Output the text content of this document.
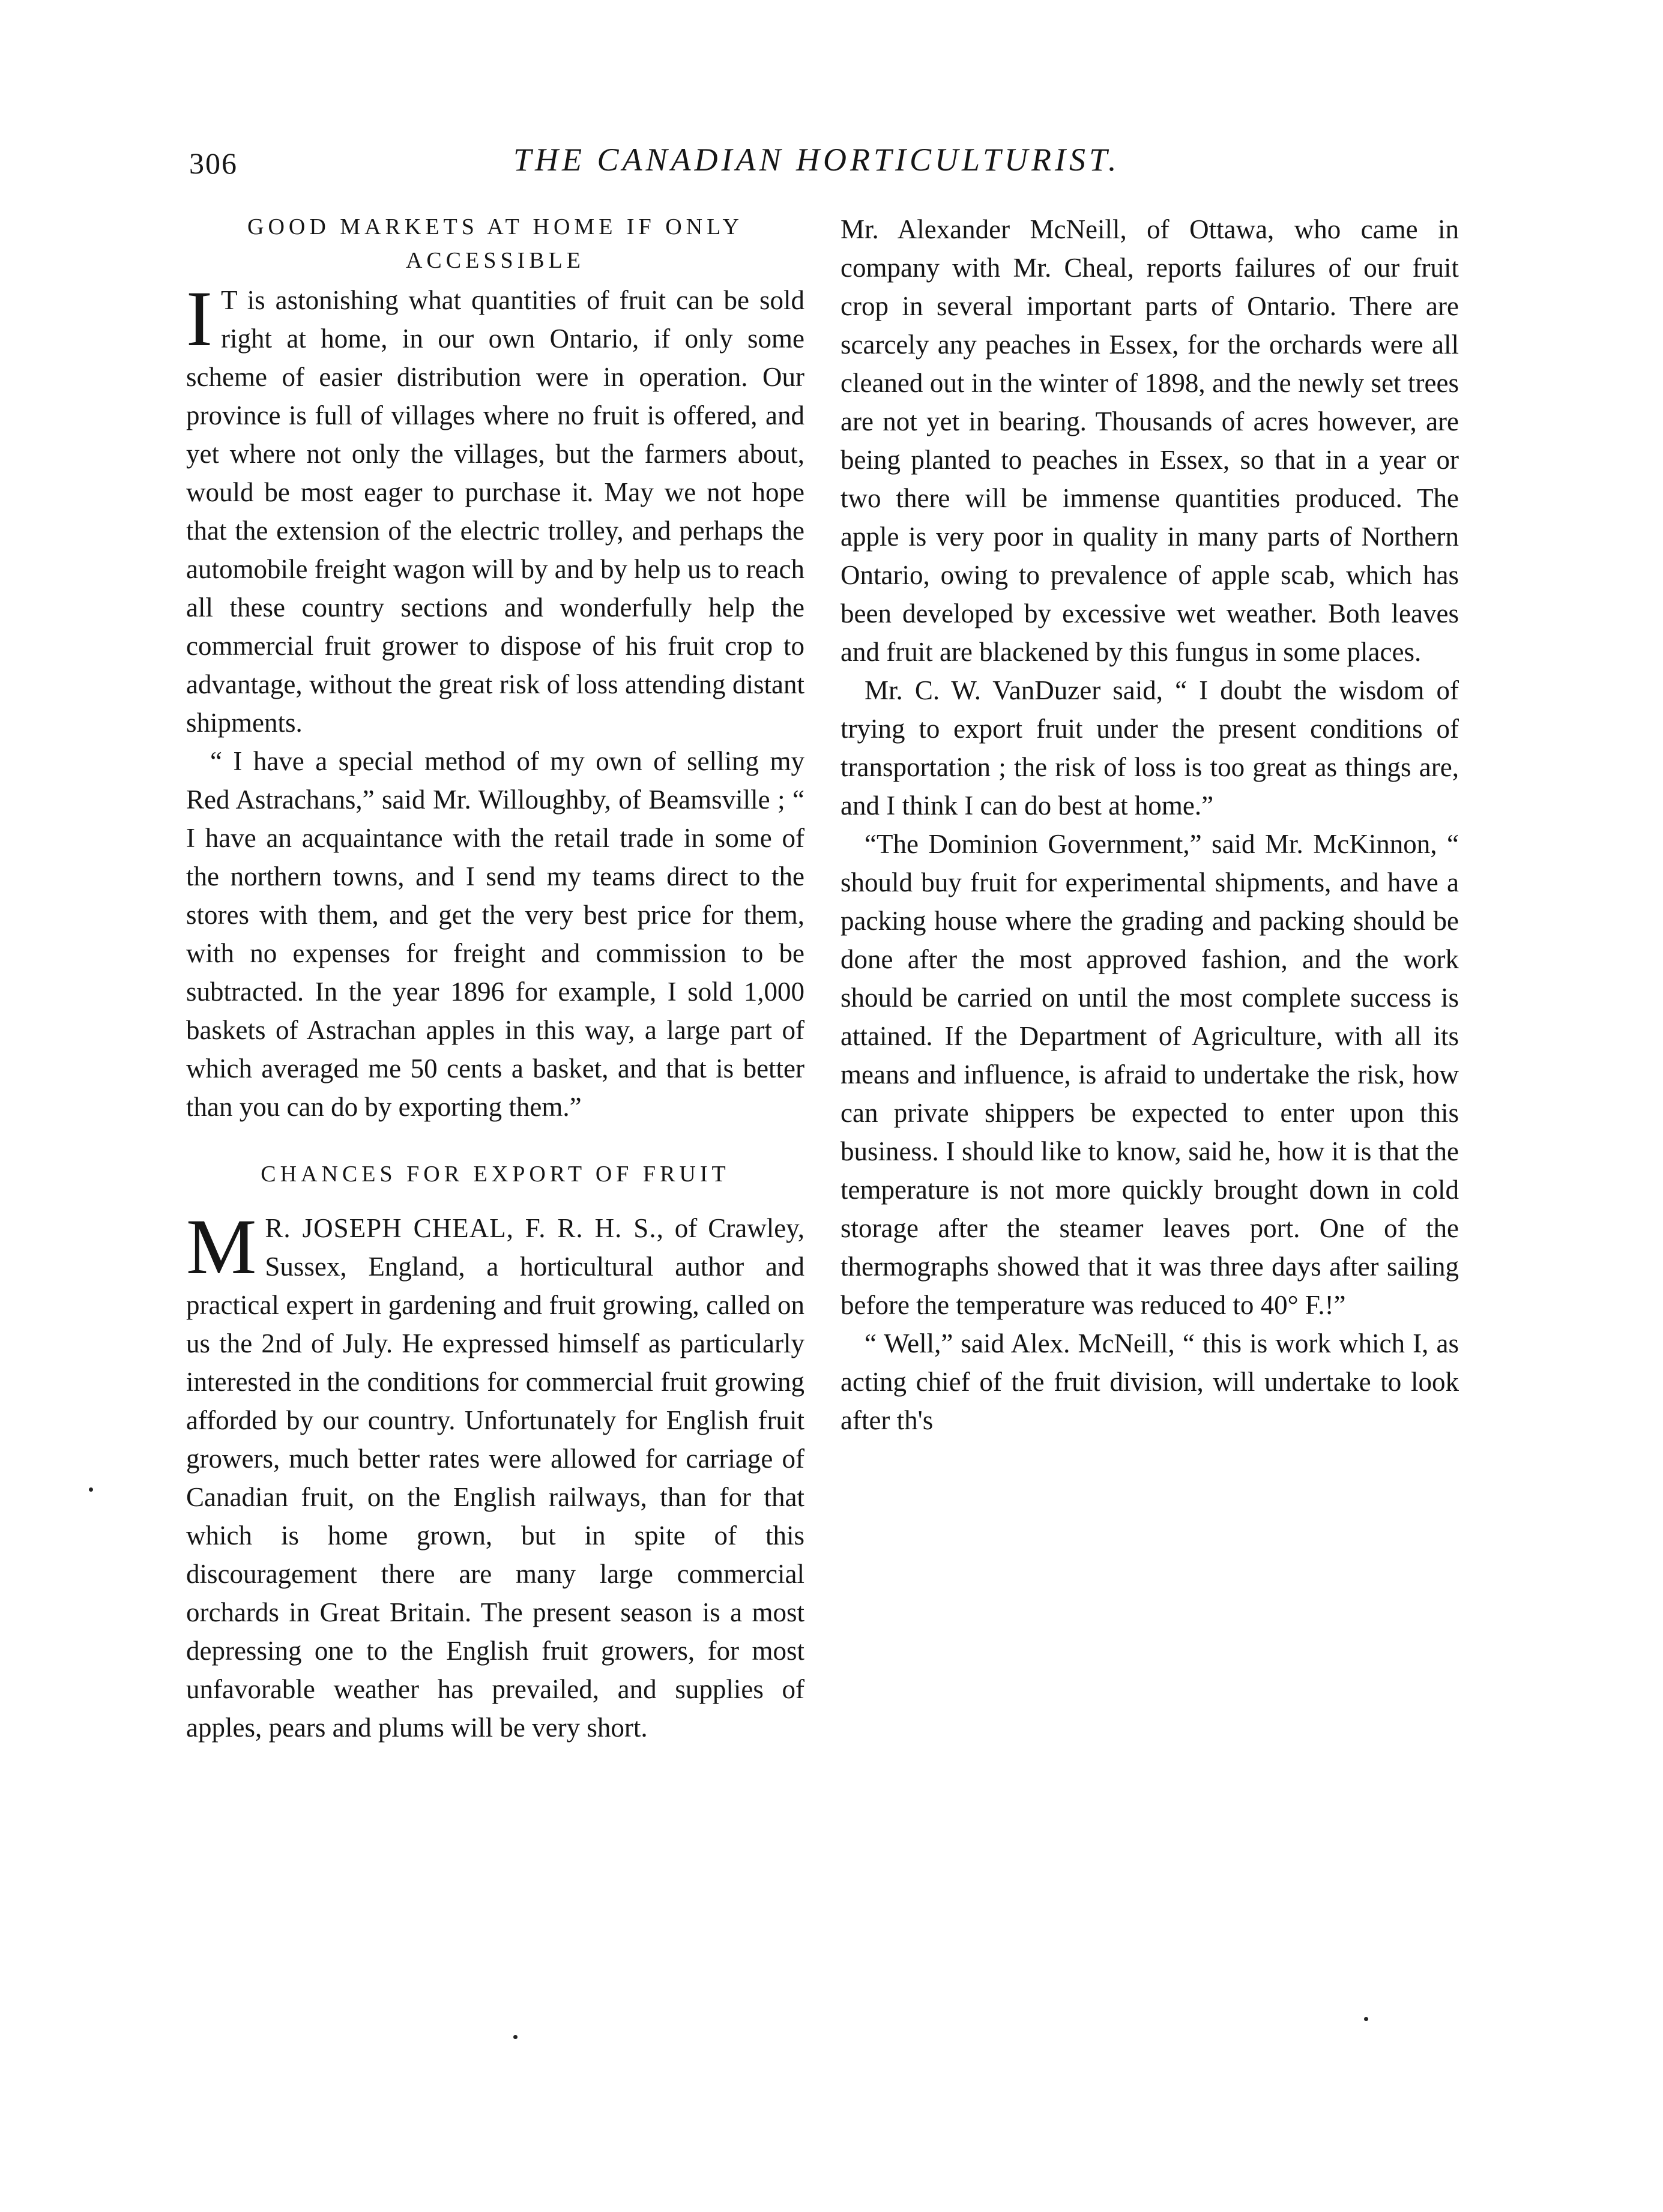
306	THE CANADIAN HORTICULTURIST.
GOOD MARKETS AT HOME IF ONLY ACCESSIBLE

I T is astonishing what quantities of fruit can be sold right at home, in our own Ontario, if only some scheme of easier distribution were in operation. Our province is full of villages where no fruit is offered, and yet where not only the villages, but the farmers about, would be most eager to purchase it. May we not hope that the extension of the electric trolley, and perhaps the automobile freight wagon will by and by help us to reach all these country sections and wonderfully help the commercial fruit grower to dispose of his fruit crop to advantage, without the great risk of loss attending distant shipments.

“ I have a special method of my own of selling my Red Astrachans,” said Mr. Willoughby, of Beamsville ; “ I have an acquaintance with the retail trade in some of the northern towns, and I send my teams direct to the stores with them, and get the very best price for them, with no expenses for freight and commission to be subtracted. In the year 1896 for example, I sold 1,000 baskets of Astrachan apples in this way, a large part of which averaged me 50 cents a basket, and that is better than you can do by exporting them.”

CHANCES FOR EXPORT OF FRUIT

M R. JOSEPH CHEAL, F. R. H. S., of Crawley, Sussex, England, a horticultural author and practical expert in gardening and fruit growing, called on us the 2nd of July. He expressed himself as particularly interested in the conditions for commercial fruit growing afforded by our country. Unfortunately for English fruit growers, much better rates were allowed for carriage of Canadian fruit, on the English railways, than for that which is home grown, but in spite of this discouragement there are many large commercial orchards in Great Britain. The present season is a most depressing one to the English fruit growers, for most unfavorable weather has prevailed, and supplies of apples, pears and plums will be very short.

Mr. Alexander McNeill, of Ottawa, who came in company with Mr. Cheal, reports failures of our fruit crop in several important parts of Ontario. There are scarcely any peaches in Essex, for the orchards were all cleaned out in the winter of 1898, and the newly set trees are not yet in bearing. Thousands of acres however, are being planted to peaches in Essex, so that in a year or two there will be immense quantities produced. The apple is very poor in quality in many parts of Northern Ontario, owing to prevalence of apple scab, which has been developed by excessive wet weather. Both leaves and fruit are blackened by this fungus in some places.

Mr. C. W. VanDuzer said, “ I doubt the wisdom of trying to export fruit under the present conditions of transportation ; the risk of loss is too great as things are, and I think I can do best at home.”

“The Dominion Government,” said Mr. McKinnon, “ should buy fruit for experimental shipments, and have a packing house where the grading and packing should be done after the most approved fashion, and the work should be carried on until the most complete success is attained. If the Department of Agriculture, with all its means and influence, is afraid to undertake the risk, how can private shippers be expected to enter upon this business. I should like to know, said he, how it is that the temperature is not more quickly brought down in cold storage after the steamer leaves port. One of the thermographs showed that it was three days after sailing before the temperature was reduced to 40° F.!”

“ Well,” said Alex. McNeill, “ this is work which I, as acting chief of the fruit division, will undertake to look after th's
